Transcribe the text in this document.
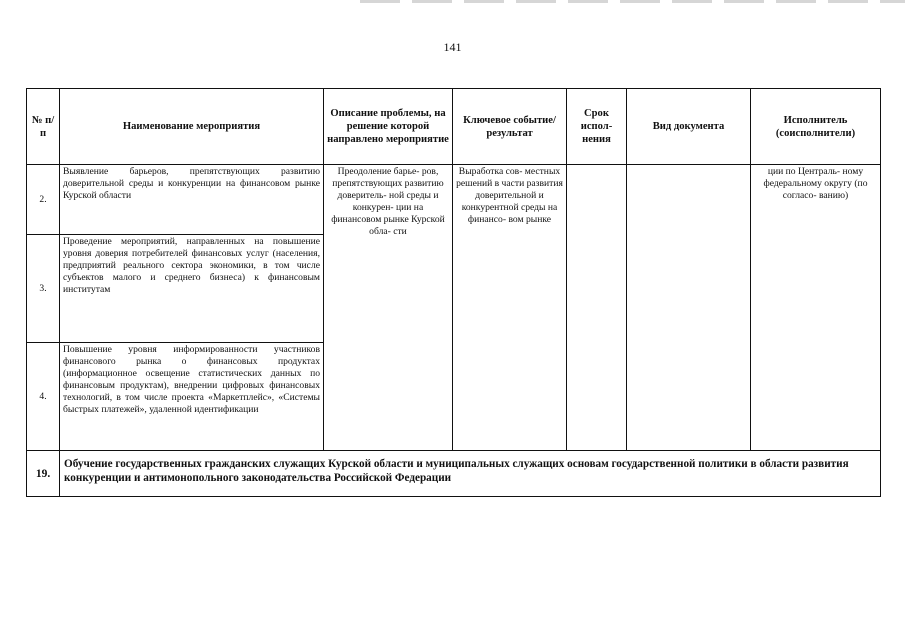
141
№ п/п	Наименование мероприятия	Описание проблемы, на решение которой направлено мероприятие	Ключевое событие/ результат	Срок испол- нения	Вид документа	Исполнитель (соисполнители)
2.	Выявление барьеров, препятствующих развитию доверительной среды и конкуренции на финансовом рынке Курской области	Преодоление барье- ров, препятствующих развитию доверитель- ной среды и конкурен- ции на финансовом рынке Курской обла- сти	Выработка сов- местных решений в части развития доверительной и конкурентной среды на финансо- вом рынке			ции по Централь- ному федеральному округу (по согласо- ванию)
3.	Проведение мероприятий, направленных на повышение уровня доверия потребителей финансовых услуг (населения, предприятий реального сектора экономики, в том числе субъектов малого и среднего бизнеса) к финансовым институтам					
4.	Повышение уровня информированности участников финансового рынка о финансовых продуктах (информационное освещение статистических данных по финансовым продуктам), внедрении цифровых финансовых технологий, в том числе проекта «Маркетплейс», «Системы быстрых платежей», удаленной идентификации					
19.	Обучение государственных гражданских служащих Курской области и муниципальных служащих основам государственной политики в области развития конкуренции и антимонопольного законодательства Российской Федерации					
